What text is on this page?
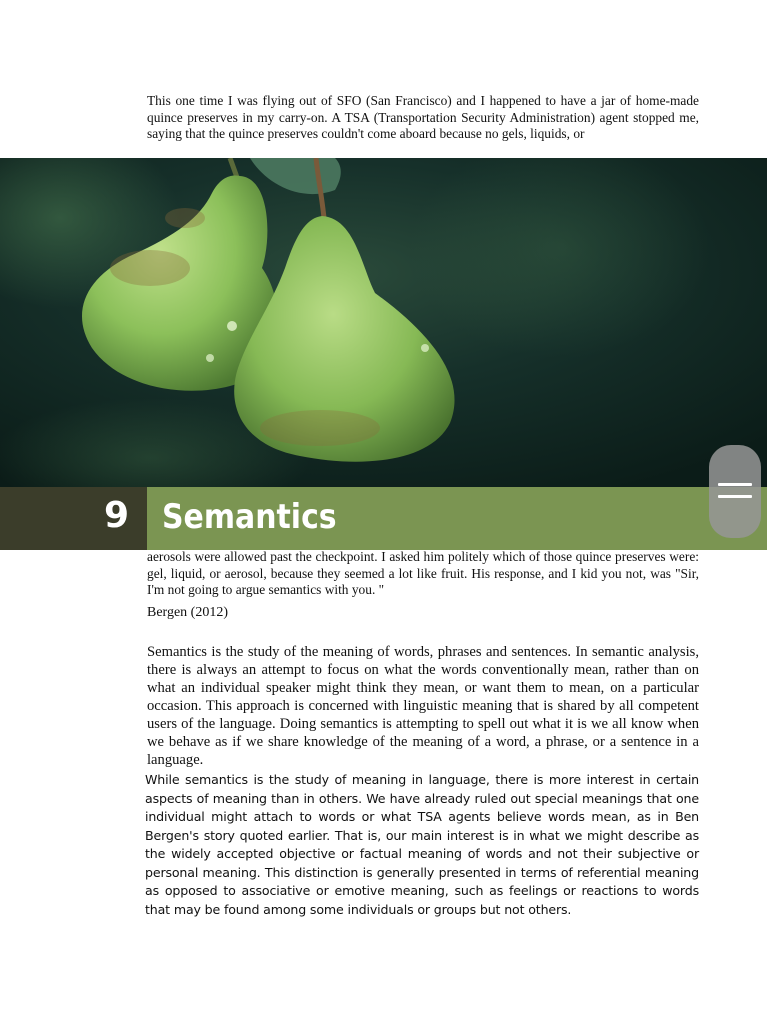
This one time I was flying out of SFO (San Francisco) and I happened to have a jar of home-made quince preserves in my carry-on. A TSA (Transportation Security Administration) agent stopped me, saying that the quince preserves couldn't come aboard because no gels, liquids, or
9 Semantics
aerosols were allowed past the checkpoint. I asked him politely which of those quince preserves were: gel, liquid, or aerosol, because they seemed a lot like fruit. His response, and I kid you not, was "Sir, I'm not going to argue semantics with you. "
Bergen (2012)
Semantics is the study of the meaning of words, phrases and sentences. In semantic analysis, there is always an attempt to focus on what the words conventionally mean, rather than on what an individual speaker might think they mean, or want them to mean, on a particular occasion. This approach is concerned with linguistic meaning that is shared by all competent users of the language. Doing semantics is attempting to spell out what it is we all know when we behave as if we share knowledge of the meaning of a word, a phrase, or a sentence in a language.
While semantics is the study of meaning in language, there is more interest in certain aspects of meaning than in others. We have already ruled out special meanings that one individual might attach to words or what TSA agents believe words mean, as in Ben Bergen's story quoted earlier. That is, our main interest is in what we might describe as the widely accepted objective or factual meaning of words and not their subjective or personal meaning. This distinction is generally presented in terms of referential meaning as opposed to associative or emotive meaning, such as feelings or reactions to words that may be found among some individuals or groups but not others.
